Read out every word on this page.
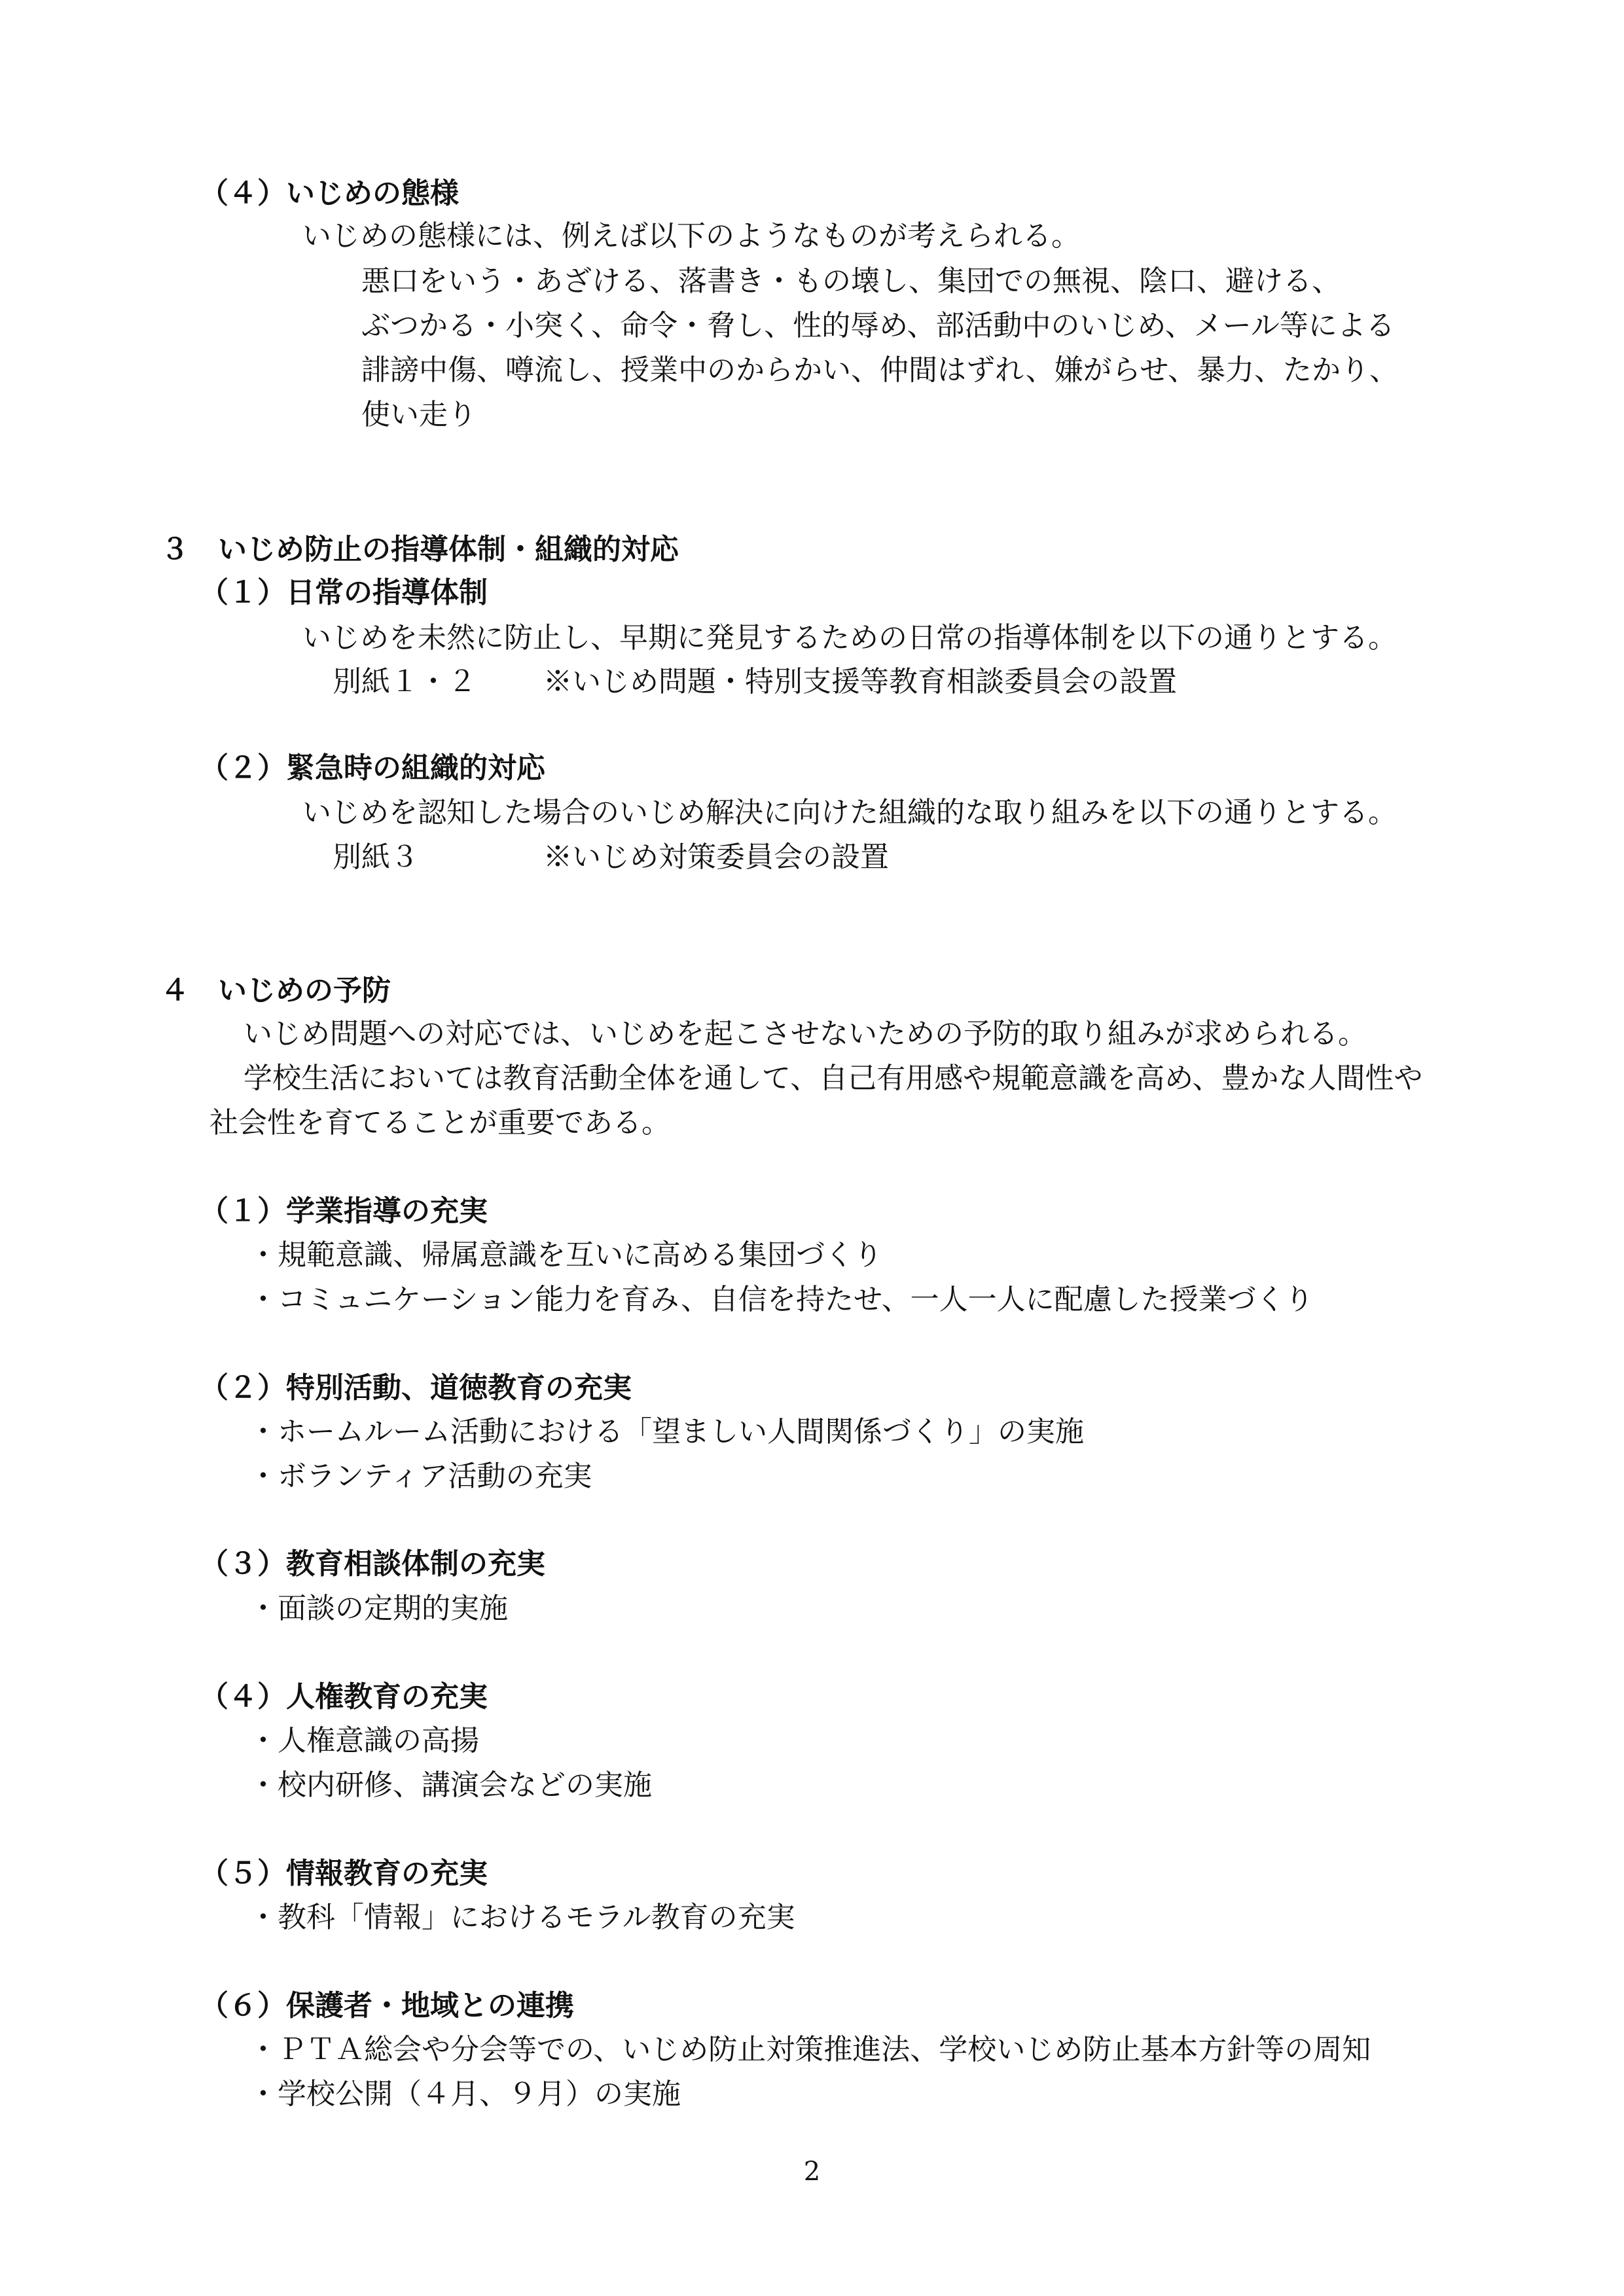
（４）いじめの態様
いじめの態様には、例えば以下のようなものが考えられる。
悪口をいう・あざける、落書き・もの壊し、集団での無視、陰口、避ける、
ぶつかる・小突く、命令・脅し、性的辱め、部活動中のいじめ、メール等による
誹謗中傷、噂流し、授業中のからかい、仲間はずれ、嫌がらせ、暴力、たかり、
使い走り
３　いじめ防止の指導体制・組織的対応
（１）日常の指導体制
いじめを未然に防止し、早期に発見するための日常の指導体制を以下の通りとする。
別紙１・２ ※いじめ問題・特別支援等教育相談委員会の設置
（２）緊急時の組織的対応
いじめを認知した場合のいじめ解決に向けた組織的な取り組みを以下の通りとする。
別紙３	※いじめ対策委員会の設置
４　いじめの予防
いじめ問題への対応では、いじめを起こさせないための予防的取り組みが求められる。
学校生活においては教育活動全体を通して、自己有用感や規範意識を高め、豊かな人間性や
社会性を育てることが重要である。
（１）学業指導の充実
・規範意識、帰属意識を互いに高める集団づくり
・コミュニケーション能力を育み、自信を持たせ、一人一人に配慮した授業づくり
（２）特別活動、道徳教育の充実
・ホームルーム活動における「望ましい人間関係づくり」の実施
・ボランティア活動の充実
（３）教育相談体制の充実
・面談の定期的実施
（４）人権教育の充実
・人権意識の高揚
・校内研修、講演会などの実施
（５）情報教育の充実
・教科「情報」におけるモラル教育の充実
（６）保護者・地域との連携
・ＰＴＡ総会や分会等での、いじめ防止対策推進法、学校いじめ防止基本方針等の周知
・学校公開（４月、９月）の実施
2
